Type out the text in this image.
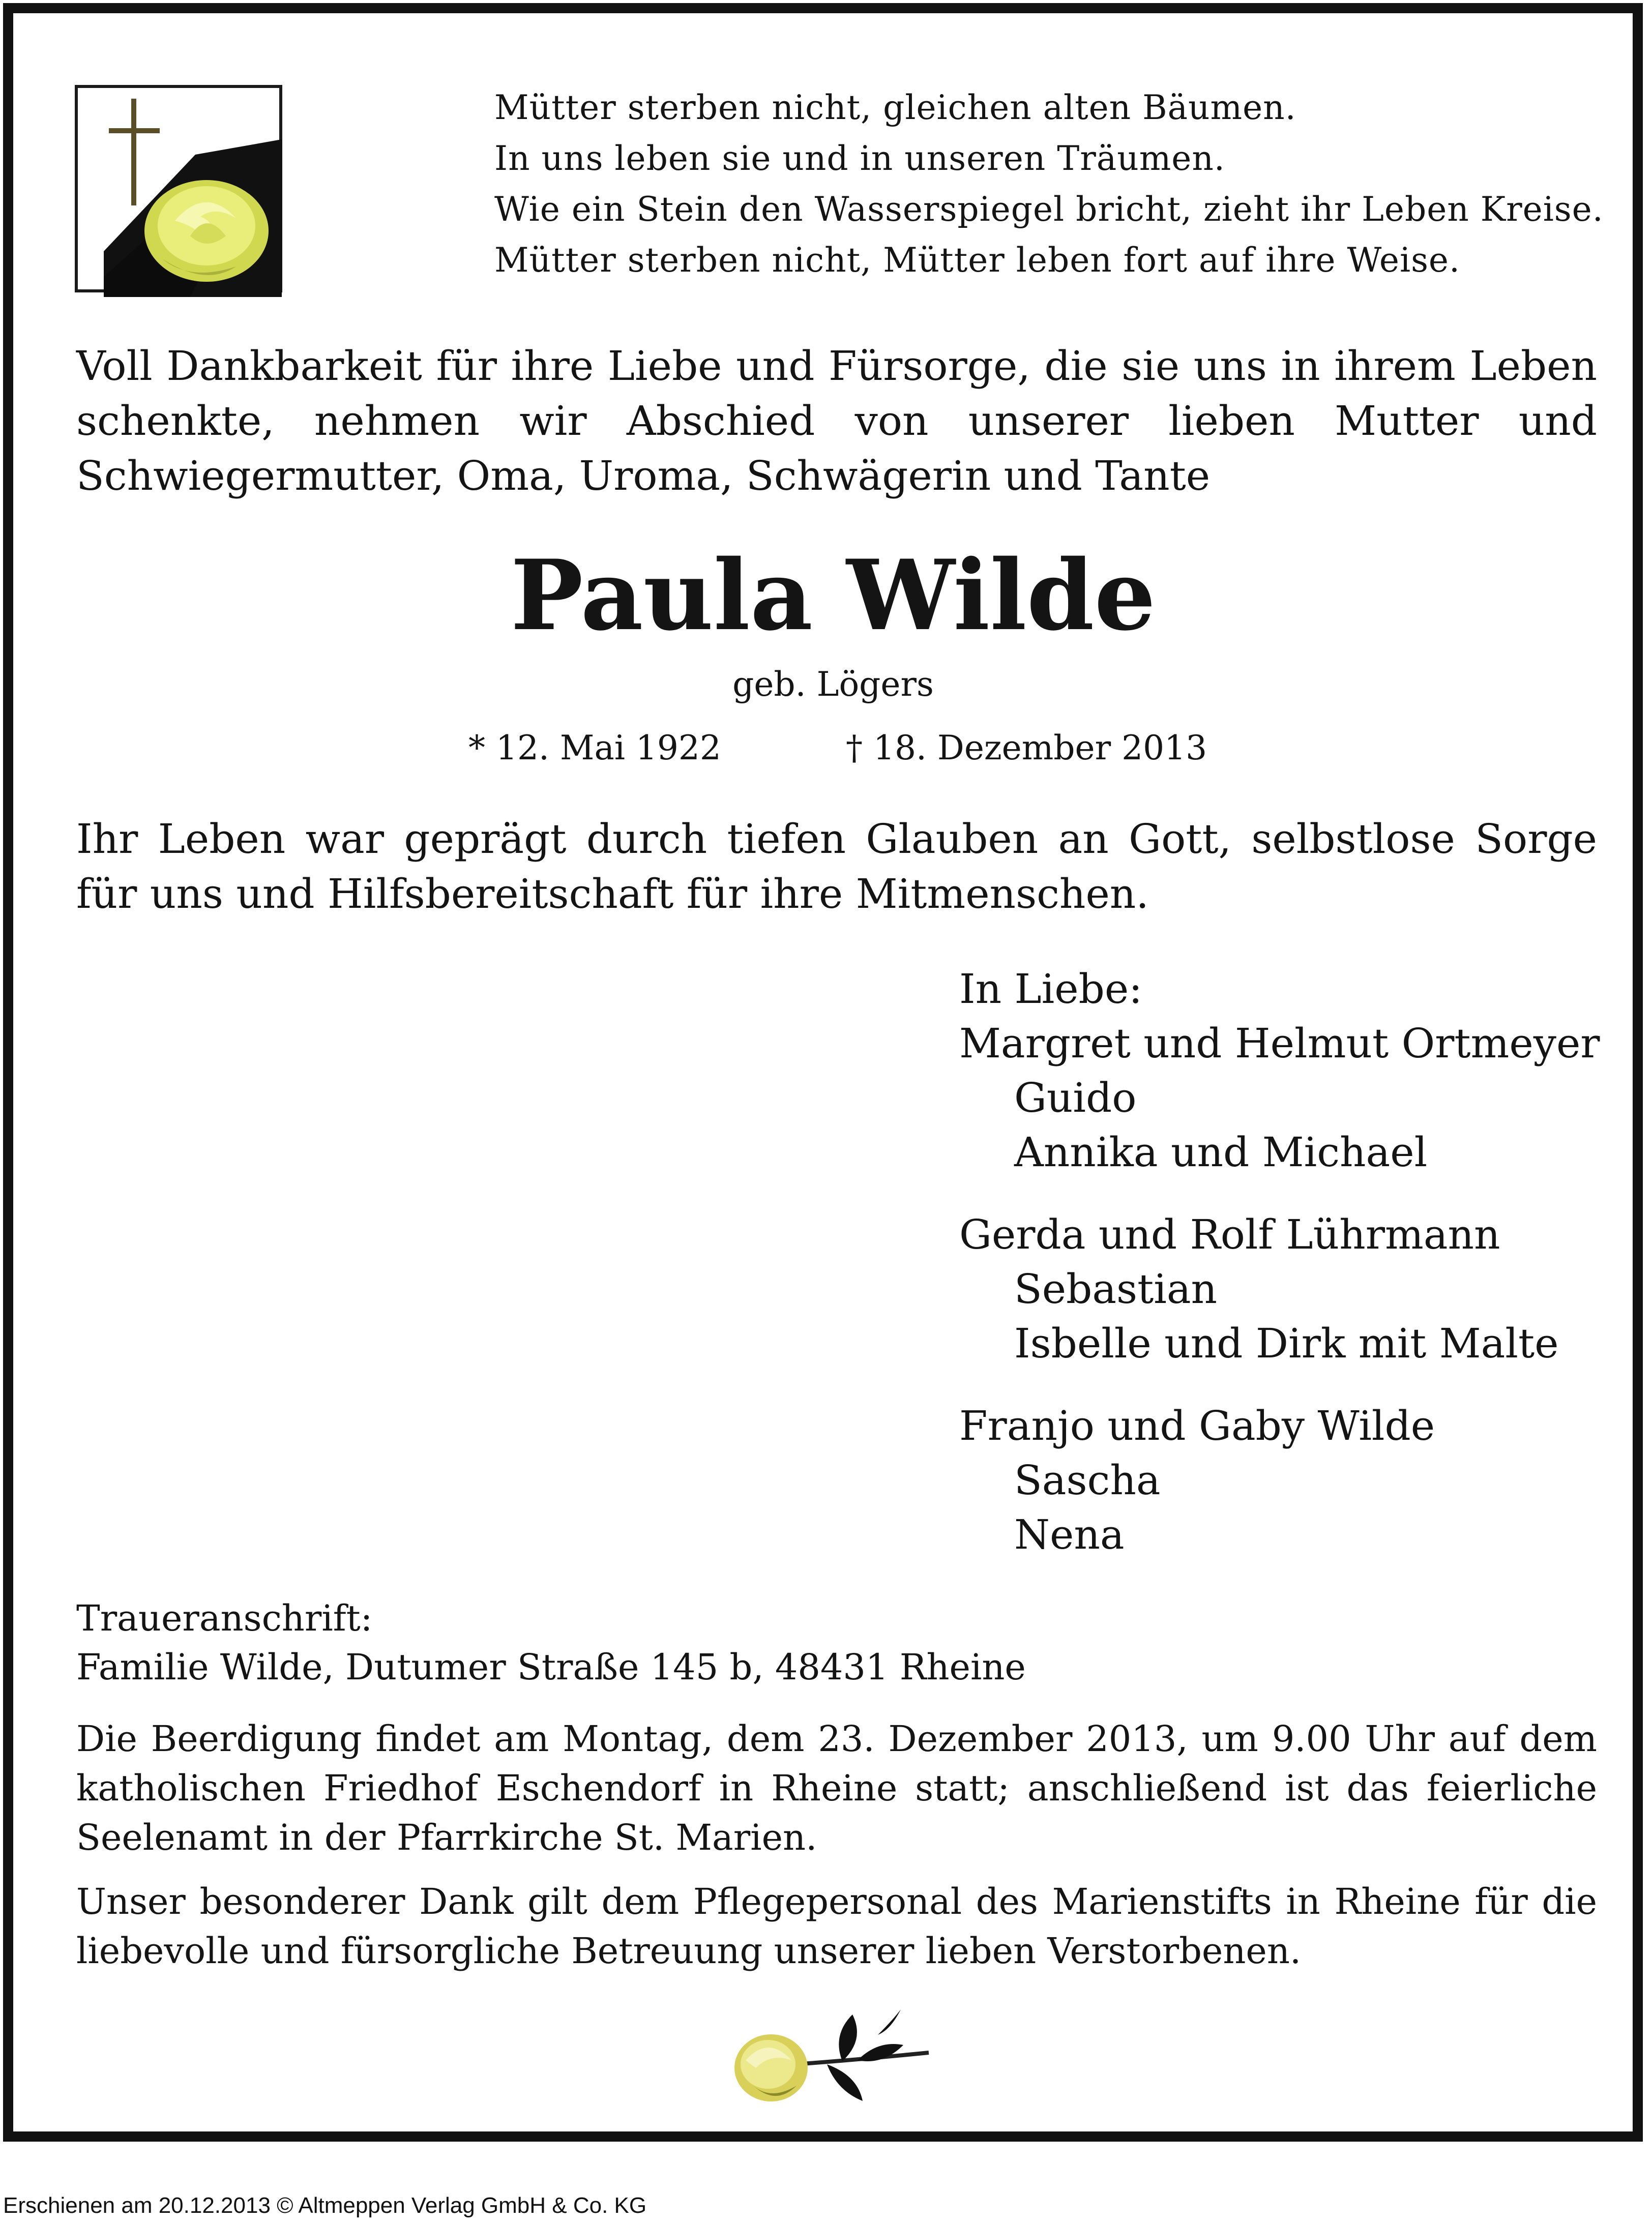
Mütter sterben nicht, gleichen alten Bäumen.
In uns leben sie und in unseren Träumen.
Wie ein Stein den Wasserspiegel bricht, zieht ihr Leben Kreise.
Mütter sterben nicht, Mütter leben fort auf ihre Weise.
Voll Dankbarkeit für ihre Liebe und Fürsorge, die sie uns in ihrem Leben schenkte, nehmen wir Abschied von unserer lieben Mutter und Schwiegermutter, Oma, Uroma, Schwägerin und Tante
Paula Wilde
geb. Lögers
* 12. Mai 1922	† 18. Dezember 2013
Ihr Leben war geprägt durch tiefen Glauben an Gott, selbstlose Sorge für uns und Hilfsbereitschaft für ihre Mitmenschen.
In Liebe:
Margret und Helmut Ortmeyer
Guido
Annika und Michael
Gerda und Rolf Lührmann
Sebastian
Isbelle und Dirk mit Malte
Franjo und Gaby Wilde
Sascha
Nena
Traueranschrift:
Familie Wilde, Dutumer Straße 145 b, 48431 Rheine
Die Beerdigung findet am Montag, dem 23. Dezember 2013, um 9.00 Uhr auf dem katholischen Friedhof Eschendorf in Rheine statt; anschließend ist das feierliche Seelenamt in der Pfarrkirche St. Marien.
Unser besonderer Dank gilt dem Pflegepersonal des Marienstifts in Rheine für die liebevolle und fürsorgliche Betreuung unserer lieben Verstorbenen.
Erschienen am 20.12.2013 © Altmeppen Verlag GmbH & Co. KG
